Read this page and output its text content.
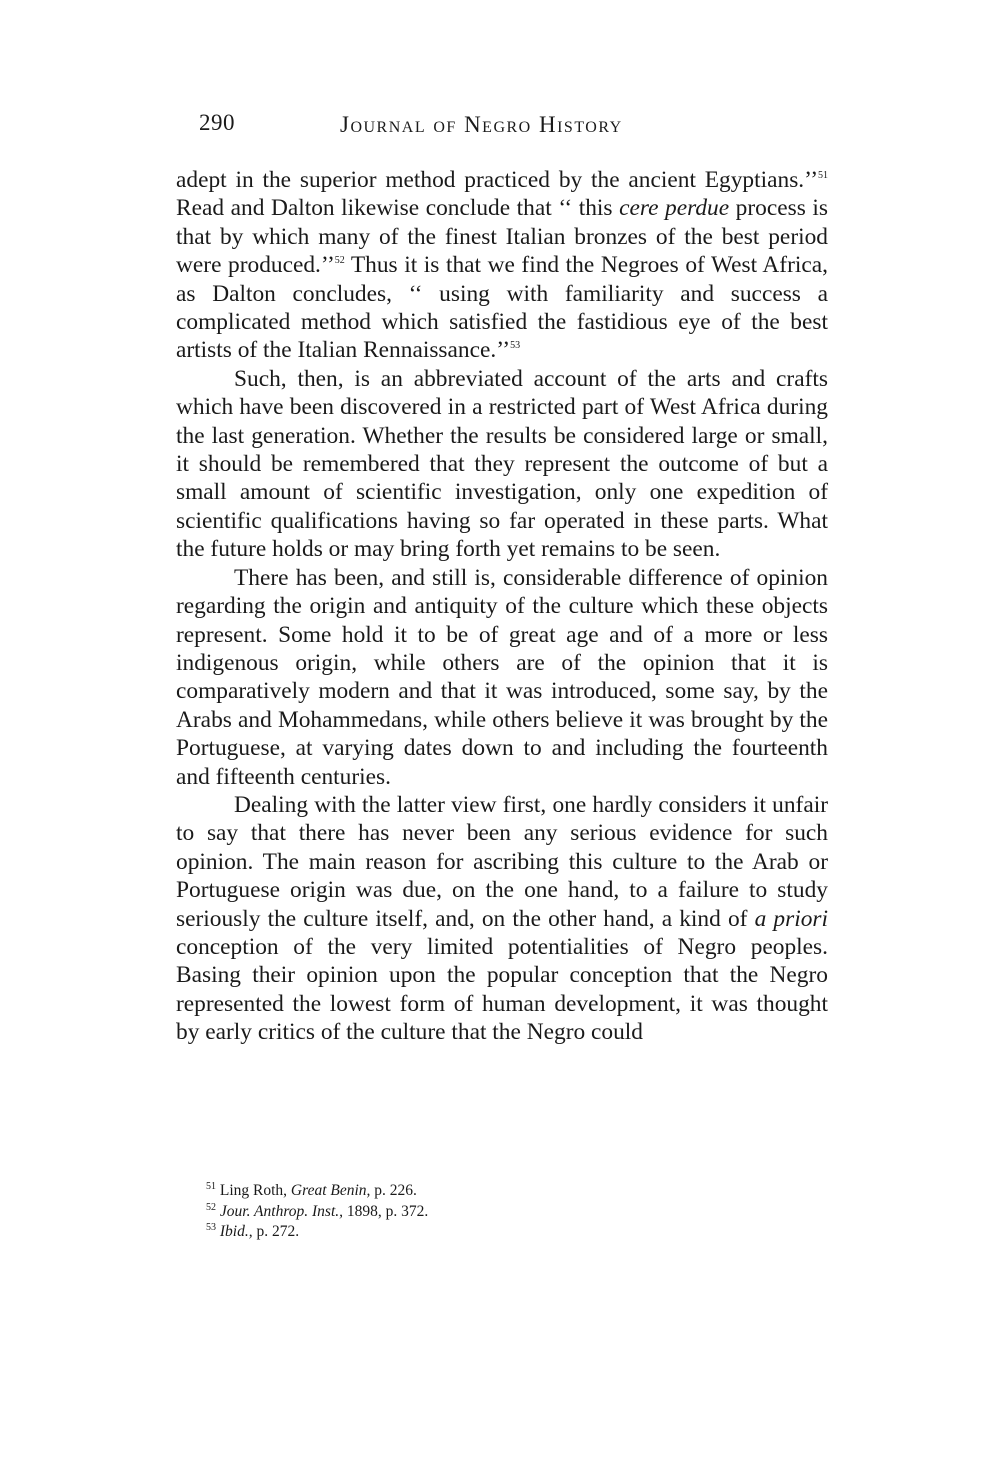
290	Journal of Negro History

adept in the superior method practiced by the ancient Egyptians.’’$^{51}$ Read and Dalton likewise conclude that ‘‘ this cere perdue process is that by which many of the finest Italian bronzes of the best period were produced.’’$^{52}$ Thus it is that we find the Negroes of West Africa, as Dalton concludes, ‘‘ using with familiarity and success a complicated method which satisfied the fastidious eye of the best artists of the Italian Rennaissance.’’$^{53}$

Such, then, is an abbreviated account of the arts and crafts which have been discovered in a restricted part of West Africa during the last generation. Whether the results be considered large or small, it should be remembered that they represent the outcome of but a small amount of scientific investigation, only one expedition of scientific qualifications having so far operated in these parts. What the future holds or may bring forth yet remains to be seen.

There has been, and still is, considerable difference of opinion regarding the origin and antiquity of the culture which these objects represent. Some hold it to be of great age and of a more or less indigenous origin, while others are of the opinion that it is comparatively modern and that it was introduced, some say, by the Arabs and Mohammedans, while others believe it was brought by the Portuguese, at varying dates down to and including the fourteenth and fifteenth centuries.

Dealing with the latter view first, one hardly considers it unfair to say that there has never been any serious evidence for such opinion. The main reason for ascribing this culture to the Arab or Portuguese origin was due, on the one hand, to a failure to study seriously the culture itself, and, on the other hand, a kind of a priori conception of the very limited potentialities of Negro peoples. Basing their opinion upon the popular conception that the Negro represented the lowest form of human development, it was thought by early critics of the culture that the Negro could

$^{51}$ Ling Roth, Great Benin, p. 226.

$^{52}$ Jour. Anthrop. Inst., 1898, p. 372.

$^{53}$ Ibid., p. 272.
